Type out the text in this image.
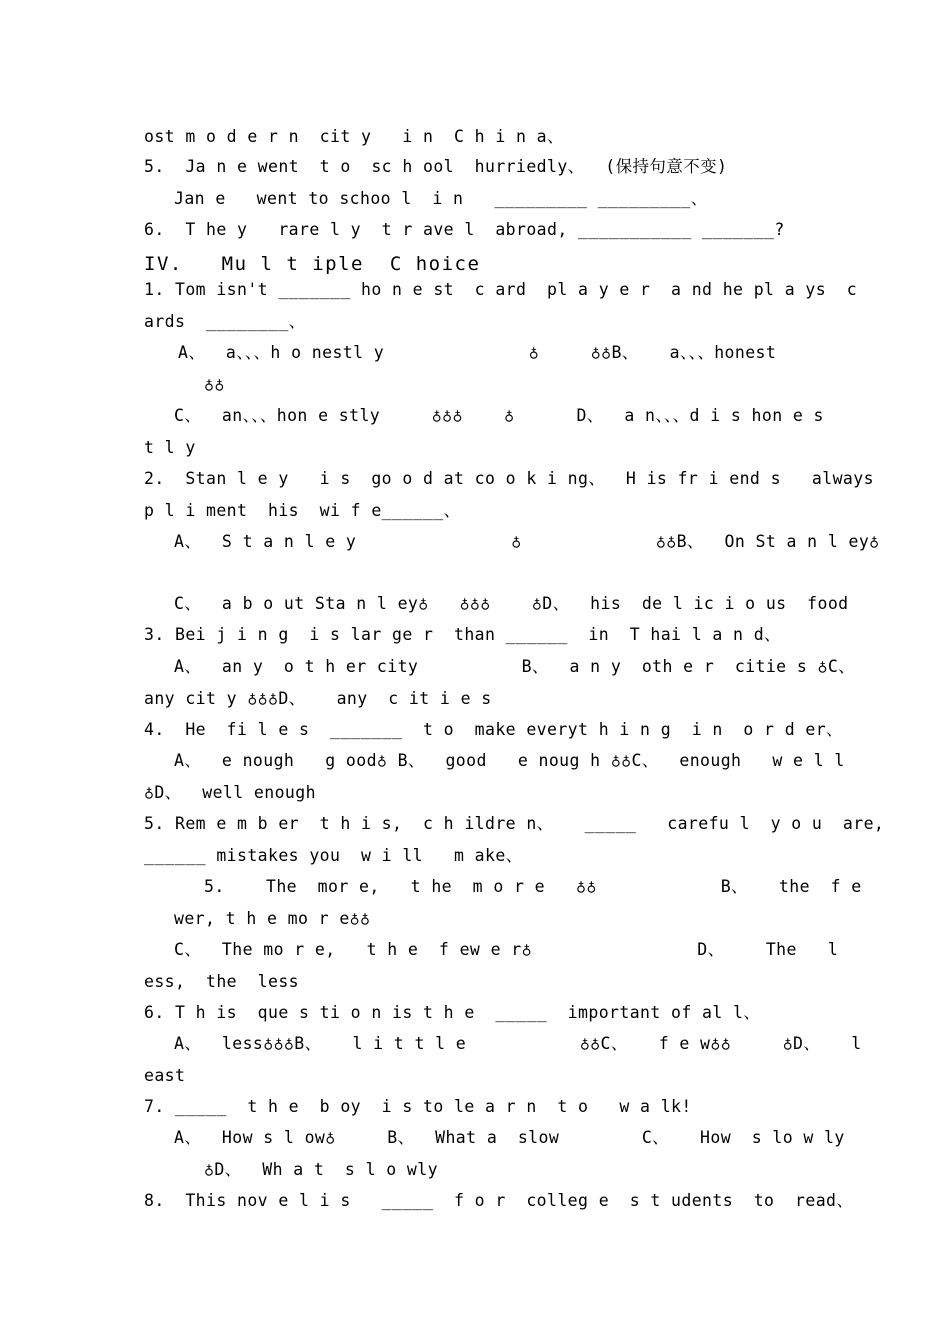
ost m o d e r n  cit y   i n  C h i n a、
5.  Ja n e went  t o  sc h ool  hurriedly、  (保持句意不变)
Jan e   went to schoo l  i n   _________ _________、
6.  T he y   rare l y  t r ave l  abroad, ___________ _______?
IV.   Mu l t iple  C hoice
1. Tom isn't _______ ho n e st  c ard  pl a y e r  a nd he pl a ys  c
ards  ________、
A、  a、、、h o nestl y              ♁     ♁♁B、   a、、、honest
♁♁
C、  an、、、hon e stly     ♁♁♁    ♁      D、  a n、、、d i s hon e s
t l y
2.  Stan l e y   i s  go o d at co o k i ng、  H is fr i end s   always
p l i ment  his  wi f e______、
A、  S t a n l e y               ♁             ♁♁B、  On St a n l ey♁
C、  a b o ut Sta n l ey♁   ♁♁♁    ♁D、  his  de l ic i o us  food
3. Bei j i n g  i s lar ge r  than ______  in  T hai l a n d、
A、  an y  o t h er city          B、  a n y  oth e r  citie s ♁C、
any cit y ♁♁♁D、   any  c it i e s
4.  He  fi l e s  _______  t o  make everyt h i n g  i n  o r d er、
A、  e nough   g ood♁ B、  good   e noug h ♁♁C、  enough   w e l l
♁D、  well enough
5. Rem e m b er  t h i s,  c h ildre n、   _____   carefu l  y o u  are,
______ mistakes you  w i ll   m ake、
5.    The  mor e,   t he  m o r e   ♁♁            B、   the  f e
wer, t h e mo r e♁♁
C、  The mo r e,   t h e  f ew e r♁                D、    The   l
ess,  the  less
6. T h is  que s ti o n is t h e  _____  important of al l、
A、  less♁♁♁B、   l i t t l e           ♁♁C、   f e w♁♁     ♁D、   l
east
7. _____  t h e  b oy  i s to le a r n  t o   w a lk!
A、  How s l ow♁     B、  What a  slow        C、   How  s lo w ly
♁D、  Wh a t  s l o wly
8.  This nov e l i s   _____  f o r  colleg e  s t udents  to  read、
